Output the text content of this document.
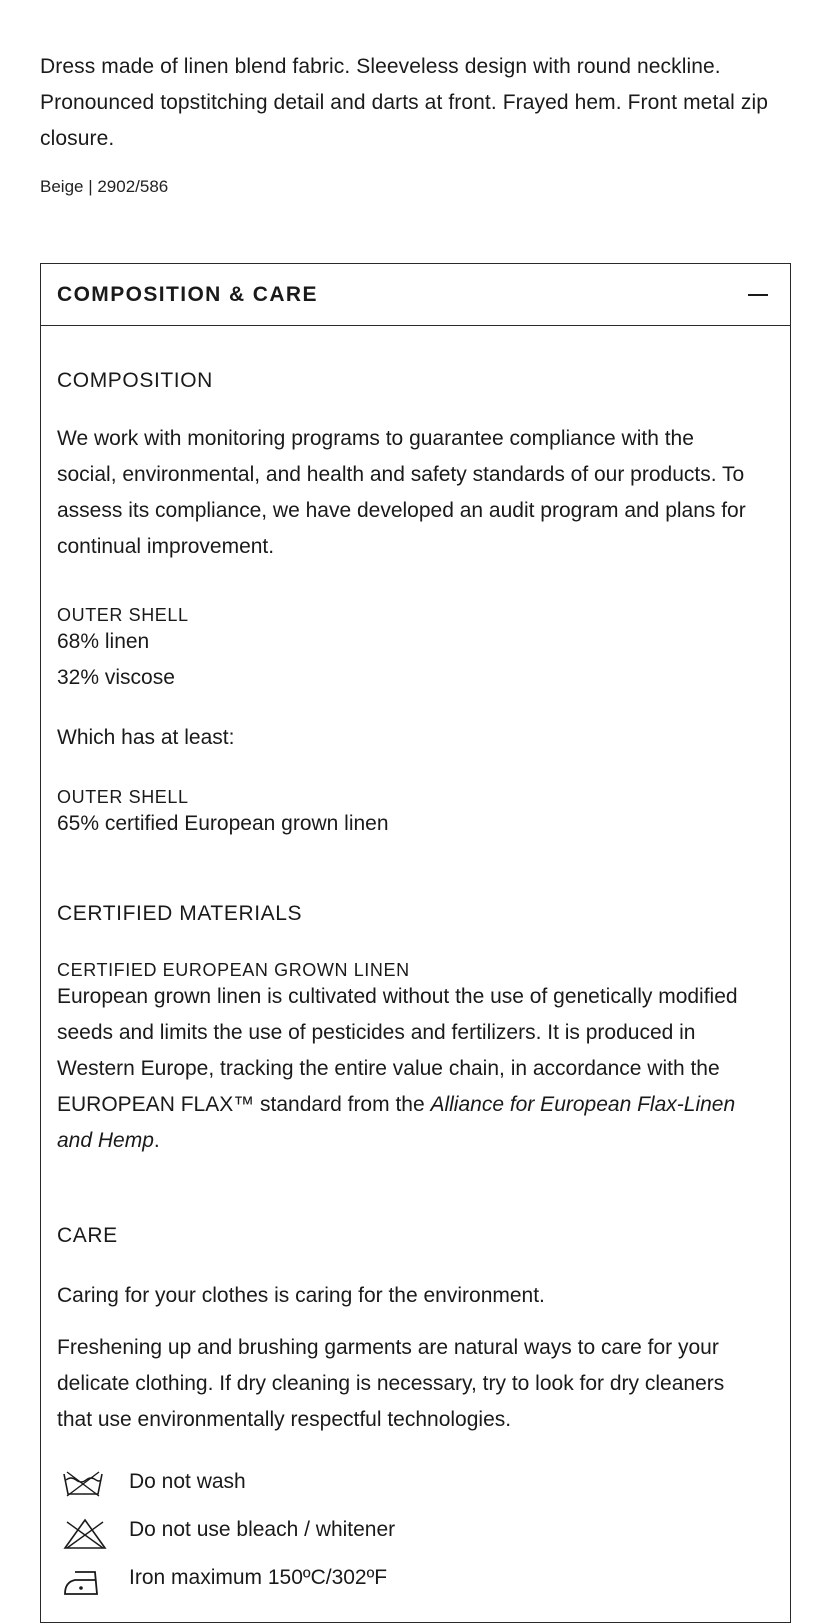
Dress made of linen blend fabric. Sleeveless design with round neckline. Pronounced topstitching detail and darts at front. Frayed hem. Front metal zip closure.

Beige | 2902/586

COMPOSITION & CARE
COMPOSITION

We work with monitoring programs to guarantee compliance with the social, environmental, and health and safety standards of our products. To assess its compliance, we have developed an audit program and plans for continual improvement.

OUTER SHELL
68% linen
32% viscose
Which has at least:
OUTER SHELL
65% certified European grown linen
CERTIFIED MATERIALS
CERTIFIED EUROPEAN GROWN LINEN

European grown linen is cultivated without the use of genetically modified seeds and limits the use of pesticides and fertilizers. It is produced in Western Europe, tracking the entire value chain, in accordance with the EUROPEAN FLAX™ standard from the Alliance for European Flax-Linen and Hemp.

CARE

Caring for your clothes is caring for the environment.

Freshening up and brushing garments are natural ways to care for your delicate clothing. If dry cleaning is necessary, try to look for dry cleaners that use environmentally respectful technologies.

Do not wash
Do not use bleach / whitener
Iron maximum 150ºC/302ºF
